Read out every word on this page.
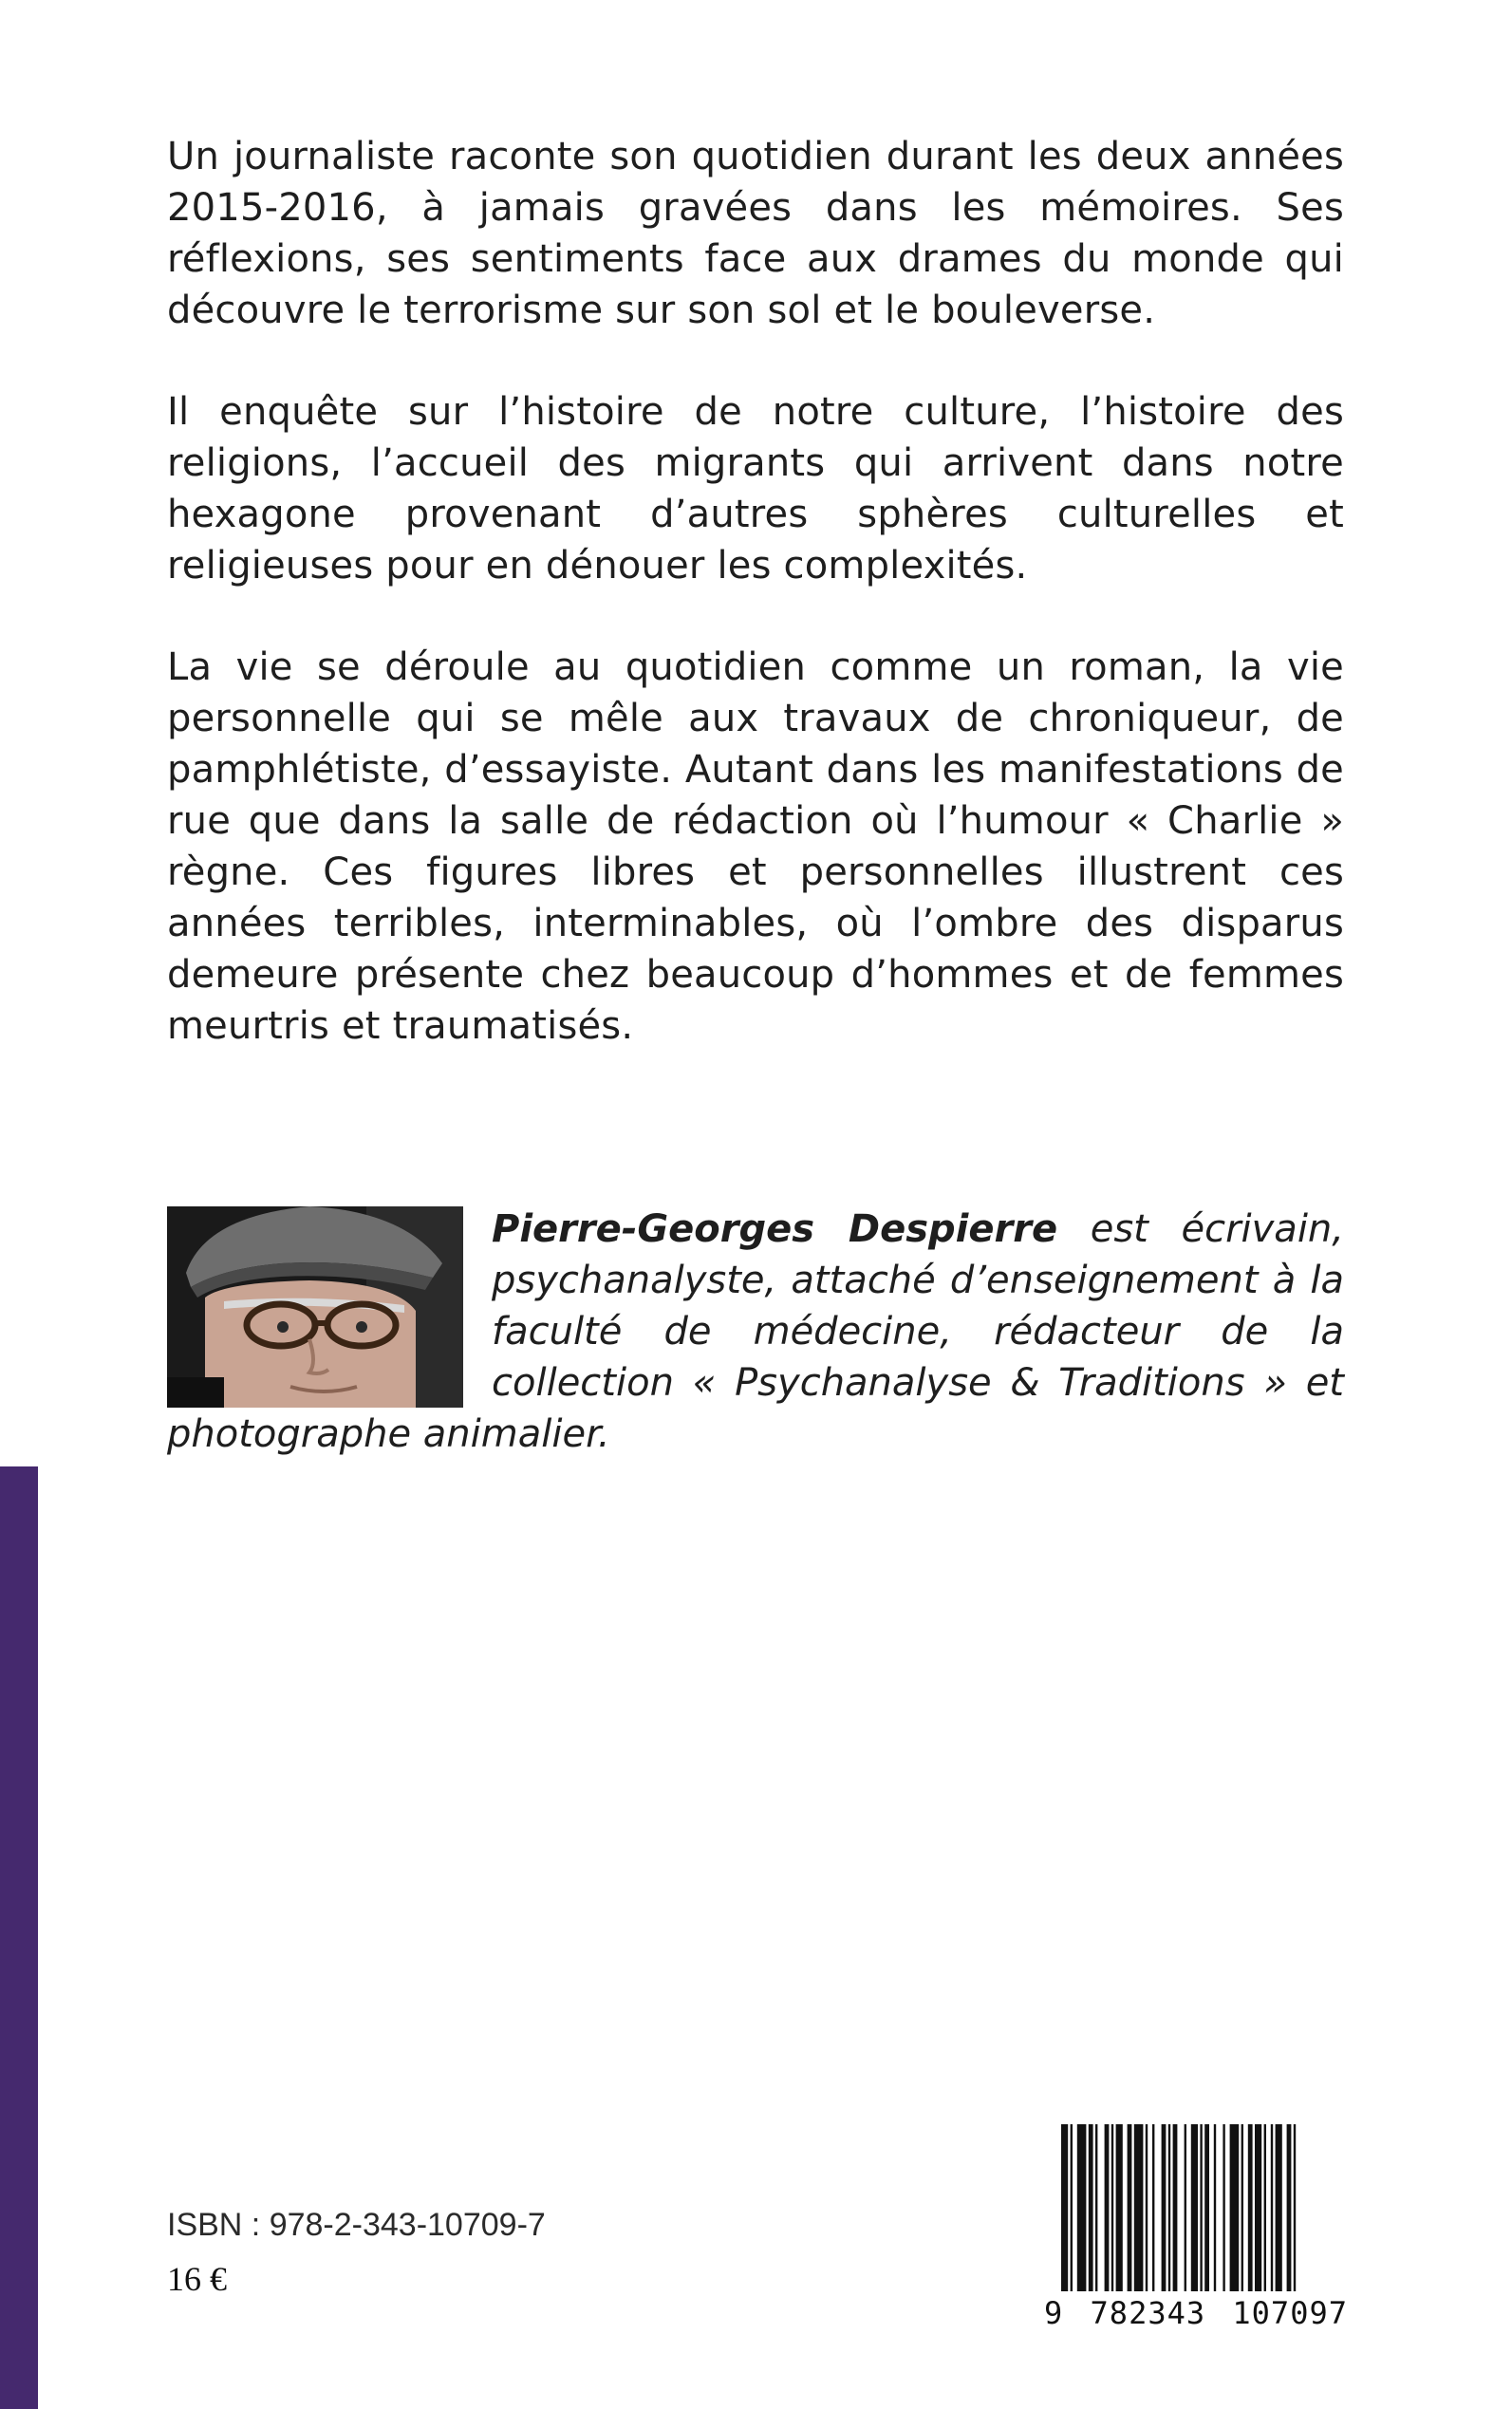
Un journaliste raconte son quotidien durant les deux années 2015-2016, à jamais gravées dans les mémoires. Ses réflexions, ses sentiments face aux drames du monde qui découvre le terrorisme sur son sol et le bouleverse.

Il enquête sur l’histoire de notre culture, l’histoire des religions, l’accueil des migrants qui arrivent dans notre hexagone provenant d’autres sphères culturelles et religieuses pour en dénouer les complexités.

La vie se déroule au quotidien comme un roman, la vie personnelle qui se mêle aux travaux de chroniqueur, de pamphlétiste, d’essayiste. Autant dans les manifestations de rue que dans la salle de rédaction où l’humour « Charlie » règne. Ces figures libres et personnelles illustrent ces années terribles, interminables, où l’ombre des disparus demeure présente chez beaucoup d’hommes et de femmes meurtris et traumatisés.

Pierre-Georges Despierre est écrivain, psychanalyste, attaché d’enseignement à la faculté de médecine, rédacteur de la collection « Psychanalyse & Traditions » et photographe animalier.
ISBN : 978-2-343-10709-7
16 €
9 782343 107097
